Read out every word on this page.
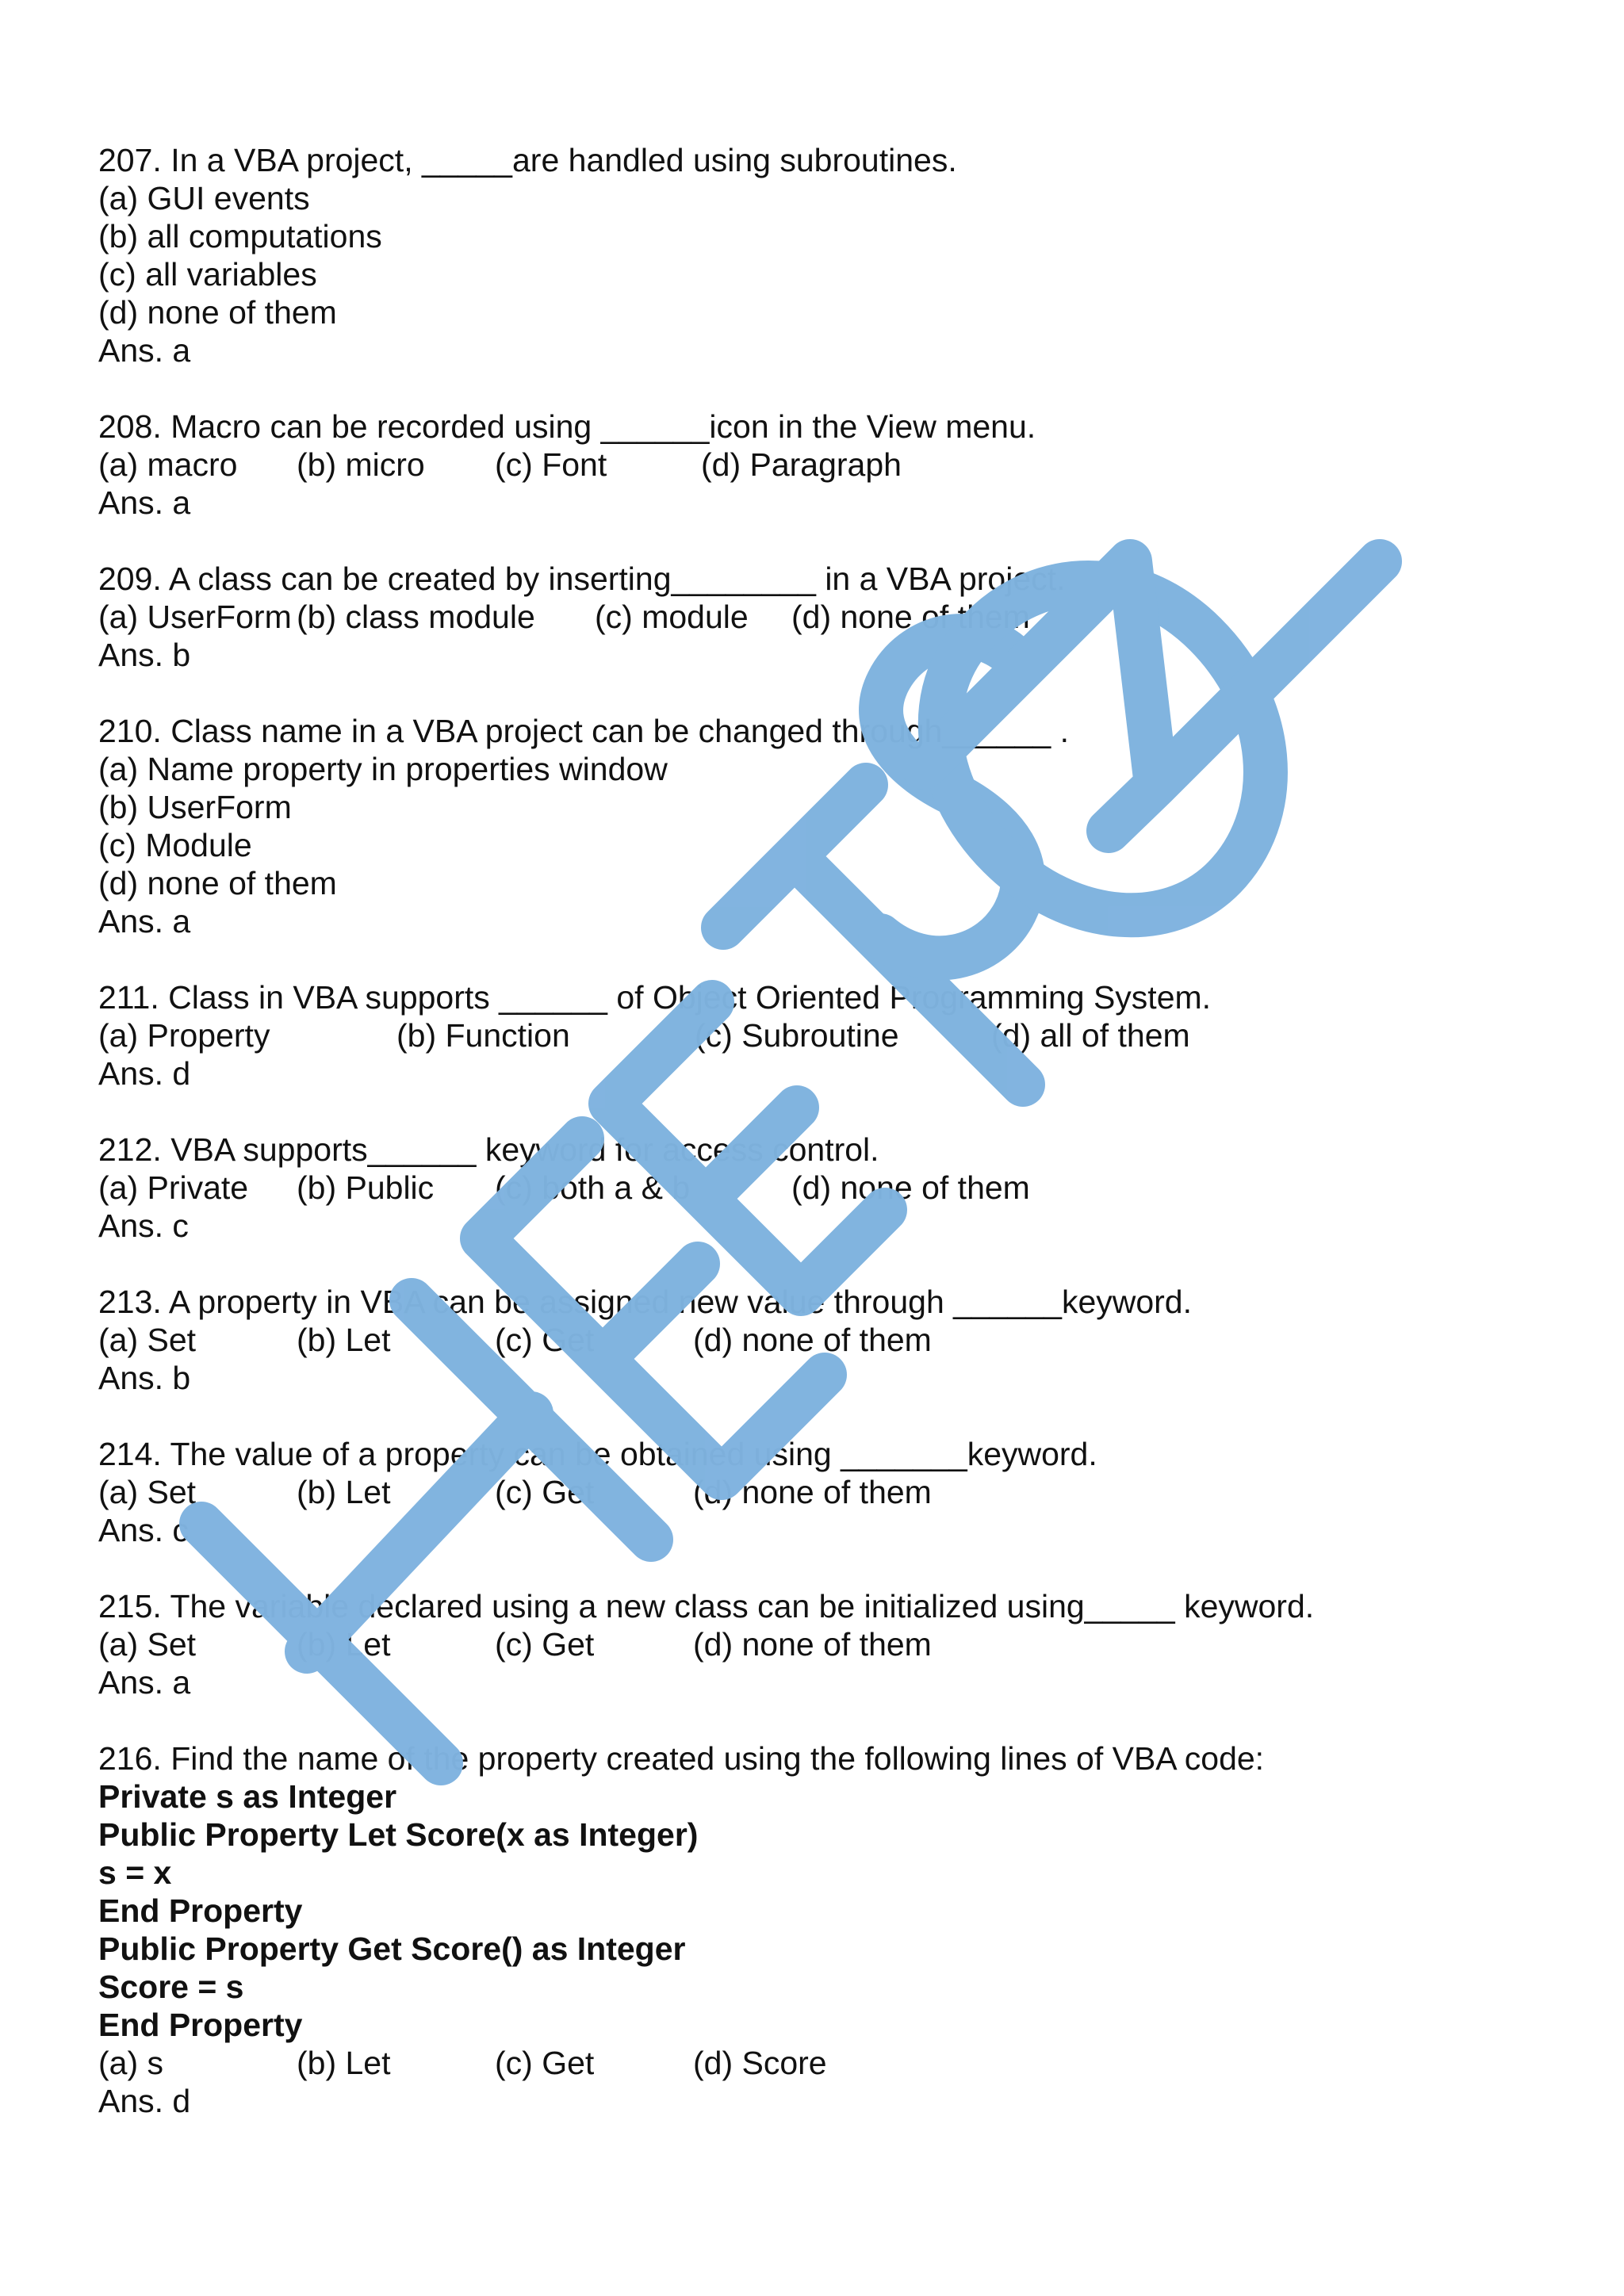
207. In a VBA project, _____are handled using subroutines.
(a) GUI events
(b) all computations
(c) all variables
(d) none of them
Ans. a
208. Macro can be recorded using ______icon in the View menu.

(a) macro

(b) micro

(c) Font

	(d) Paragraph

Ans. a
209. A class can be created by inserting________ in a VBA project.

(a) UserForm

(b) class module

(c) module

(d) none of them

Ans. b
210. Class name in a VBA project can be changed through______ .
(a) Name property in properties window
(b) UserForm
(c) Module
(d) none of them
Ans. a
211. Class in VBA supports ______ of Object Oriented Programming System.

(a) Property

	(b) Function

	(c) Subroutine

	(d) all of them

Ans. d
212. VBA supports______ keyword for access control.

(a) Private

(b) Public

(c) both a & b

	(d) none of them

Ans. c
213. A property in VBA can be assigned new value through ______keyword.

(a) Set

	(b) Let

	(c) Get

	(d) none of them

Ans. b
214. The value of a property can be obtained using _______keyword.

(a) Set

	(b) Let

	(c) Get

	(d) none of them

Ans. c
215. The variable declared using a new class can be initialized using_____ keyword.

(a) Set

	(b) Let

	(c) Get

	(d) none of them

Ans. a
216. Find the name of the property created using the following lines of VBA code:
Private s as Integer
Public Property Let Score(x as Integer)
s = x
End Property
Public Property Get Score() as Integer
Score = s
End Property

(a) s

	(b) Let

	(c) Get

	(d) Score

Ans. d
